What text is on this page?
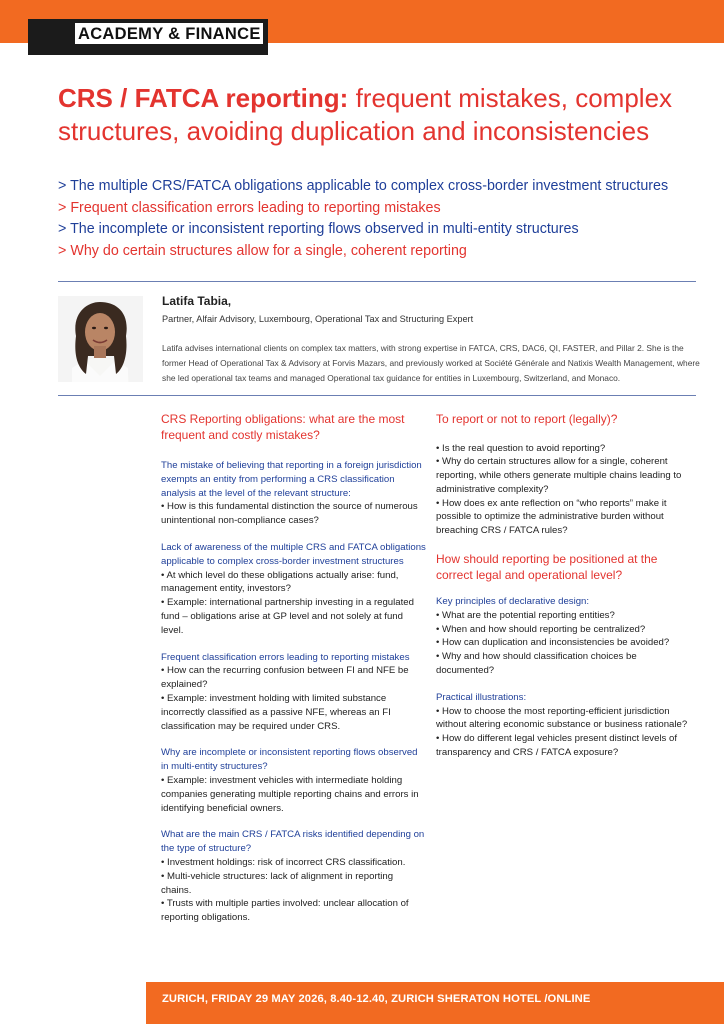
ACADEMY & FINANCE
CRS / FATCA reporting: frequent mistakes, complex structures, avoiding duplication and inconsistencies
> The multiple CRS/FATCA obligations applicable to complex cross-border investment structures
> Frequent classification errors leading to reporting mistakes
> The incomplete or inconsistent reporting flows observed in multi-entity structures
> Why do certain structures allow for a single, coherent reporting
Latifa Tabia,
Partner, Alfair Advisory, Luxembourg, Operational Tax and Structuring Expert
Latifa advises international clients on complex tax matters, with strong expertise in FATCA, CRS, DAC6, QI, FASTER, and Pillar 2. She is the former Head of Operational Tax & Advisory at Forvis Mazars, and previously worked at Société Générale and Natixis Wealth Management, where she led operational tax teams and managed Operational tax guidance for entities in Luxembourg, Switzerland, and Monaco.
CRS Reporting obligations: what are the most frequent and costly mistakes?
The mistake of believing that reporting in a foreign jurisdiction exempts an entity from performing a CRS classification analysis at the level of the relevant structure:
• How is this fundamental distinction the source of numerous unintentional non-compliance cases?
Lack of awareness of the multiple CRS and FATCA obligations applicable to complex cross-border investment structures
• At which level do these obligations actually arise: fund, management entity, investors?
• Example: international partnership investing in a regulated fund – obligations arise at GP level and not solely at fund level.
Frequent classification errors leading to reporting mistakes
• How can the recurring confusion between FI and NFE be explained?
• Example: investment holding with limited substance incorrectly classified as a passive NFE, whereas an FI classification may be required under CRS.
Why are incomplete or inconsistent reporting flows observed in multi-entity structures?
• Example: investment vehicles with intermediate holding companies generating multiple reporting chains and errors in identifying beneficial owners.
What are the main CRS / FATCA risks identified depending on the type of structure?
• Investment holdings: risk of incorrect CRS classification.
• Multi-vehicle structures: lack of alignment in reporting chains.
• Trusts with multiple parties involved: unclear allocation of reporting obligations.
To report or not to report (legally)?
• Is the real question to avoid reporting?
• Why do certain structures allow for a single, coherent reporting, while others generate multiple chains leading to administrative complexity?
• How does ex ante reflection on “who reports” make it possible to optimize the administrative burden without breaching CRS / FATCA rules?
How should reporting be positioned at the correct legal and operational level?
Key principles of declarative design:
• What are the potential reporting entities?
• When and how should reporting be centralized?
• How can duplication and inconsistencies be avoided?
• Why and how should classification choices be documented?
Practical illustrations:
• How to choose the most reporting-efficient jurisdiction without altering economic substance or business rationale?
• How do different legal vehicles present distinct levels of transparency and CRS / FATCA exposure?
ZURICH, FRIDAY 29 MAY 2026, 8.40-12.40, ZURICH SHERATON HOTEL /ONLINE
